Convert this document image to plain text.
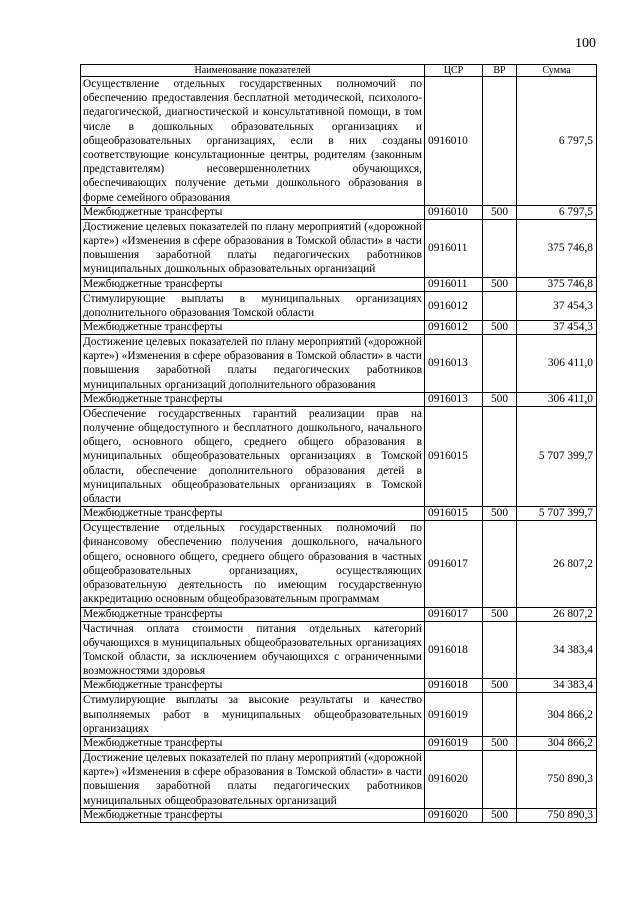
100
Наименование показателей	ЦСР	ВР	Сумма
Осуществление отдельных государственных полномочий по обеспечению предоставления бесплатной методической, психолого-педагогической, диагностической и консультативной помощи, в том числе в дошкольных образовательных организациях и общеобразовательных организациях, если в них созданы соответствующие консультационные центры, родителям (законным представителям) несовершеннолетних обучающихся, обеспечивающих получение детьми дошкольного образования в форме семейного образования	0916010		6 797,5
Межбюджетные трансферты	0916010	500	6 797,5
Достижение целевых показателей по плану мероприятий («дорожной карте») «Изменения в сфере образования в Томской области» в части повышения заработной платы педагогических работников муниципальных дошкольных образовательных организаций	0916011		375 746,8
Межбюджетные трансферты	0916011	500	375 746,8
Стимулирующие выплаты в муниципальных организациях дополнительного образования Томской области	0916012		37 454,3
Межбюджетные трансферты	0916012	500	37 454,3
Достижение целевых показателей по плану мероприятий («дорожной карте») «Изменения в сфере образования в Томской области» в части повышения заработной платы педагогических работников муниципальных организаций дополнительного образования	0916013		306 411,0
Межбюджетные трансферты	0916013	500	306 411,0
Обеспечение государственных гарантий реализации прав на получение общедоступного и бесплатного дошкольного, начального общего, основного общего, среднего общего образования в муниципальных общеобразовательных организациях в Томской области, обеспечение дополнительного образования детей в муниципальных общеобразовательных организациях в Томской области	0916015		5 707 399,7
Межбюджетные трансферты	0916015	500	5 707 399,7
Осуществление отдельных государственных полномочий по финансовому обеспечению получения дошкольного, начального общего, основного общего, среднего общего образования в частных общеобразовательных организациях, осуществляющих образовательную деятельность по имеющим государственную аккредитацию основным общеобразовательным программам	0916017		26 807,2
Межбюджетные трансферты	0916017	500	26 807,2
Частичная оплата стоимости питания отдельных категорий обучающихся в муниципальных общеобразовательных организациях Томской области, за исключением обучающихся с ограниченными возможностями здоровья	0916018		34 383,4
Межбюджетные трансферты	0916018	500	34 383,4
Стимулирующие выплаты за высокие результаты и качество выполняемых работ в муниципальных общеобразовательных организациях	0916019		304 866,2
Межбюджетные трансферты	0916019	500	304 866,2
Достижение целевых показателей по плану мероприятий («дорожной карте») «Изменения в сфере образования в Томской области» в части повышения заработной платы педагогических работников муниципальных общеобразовательных организаций	0916020		750 890,3
Межбюджетные трансферты	0916020	500	750 890,3
